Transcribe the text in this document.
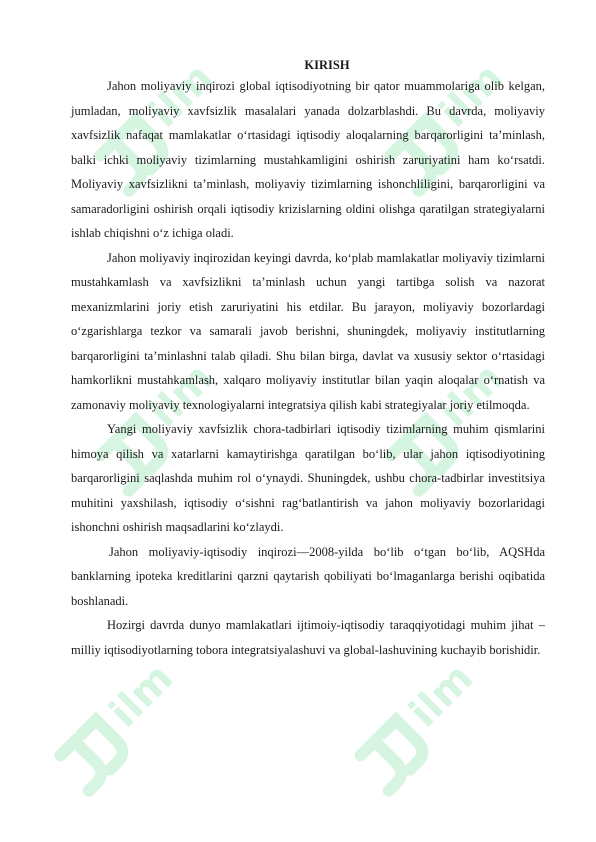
ilm	ilm
ilm	ilm
ilm	ilm
KIRISH

Jahon moliyaviy inqirozi global iqtisodiyotning bir qator muammolariga olib kelgan, jumladan, moliyaviy xavfsizlik masalalari yanada dolzarblashdi. Bu davrda, moliyaviy xavfsizlik nafaqat mamlakatlar o‘rtasidagi iqtisodiy aloqalarning barqarorligini ta’minlash, balki ichki moliyaviy tizimlarning mustahkamligini oshirish zaruriyatini ham ko‘rsatdi. Moliyaviy xavfsizlikni ta’minlash, moliyaviy tizimlarning ishonchliligini, barqarorligini va samaradorligini oshirish orqali iqtisodiy krizislarning oldini olishga qaratilgan strategiyalarni ishlab chiqishni o‘z ichiga oladi.

Jahon moliyaviy inqirozidan keyingi davrda, ko‘plab mamlakatlar moliyaviy tizimlarni mustahkamlash va xavfsizlikni ta’minlash uchun yangi tartibga solish va nazorat mexanizmlarini joriy etish zaruriyatini his etdilar. Bu jarayon, moliyaviy bozorlardagi o‘zgarishlarga tezkor va samarali javob berishni, shuningdek, moliyaviy institutlarning barqarorligini ta’minlashni talab qiladi. Shu bilan birga, davlat va xususiy sektor o‘rtasidagi hamkorlikni mustahkamlash, xalqaro moliyaviy institutlar bilan yaqin aloqalar o‘rnatish va zamonaviy moliyaviy texnologiyalarni integratsiya qilish kabi strategiyalar joriy etilmoqda.

Yangi moliyaviy xavfsizlik chora-tadbirlari iqtisodiy tizimlarning muhim qismlarini himoya qilish va xatarlarni kamaytirishga qaratilgan bo‘lib, ular jahon iqtisodiyotining barqarorligini saqlashda muhim rol o‘ynaydi. Shuningdek, ushbu chora-tadbirlar investitsiya muhitini yaxshilash, iqtisodiy o‘sishni rag‘batlantirish va jahon moliyaviy bozorlaridagi ishonchni oshirish maqsadlarini ko‘zlaydi.

Jahon moliyaviy-iqtisodiy inqirozi—2008-yilda bo‘lib o‘tgan bo‘lib, AQSHda banklarning ipoteka kreditlarini qarzni qaytarish qobiliyati bo‘lmaganlarga berishi oqibatida boshlanadi.

Hozirgi davrda dunyo mamlakatlari ijtimoiy-iqtisodiy taraqqiyotidagi muhim jihat – milliy iqtisodiyotlarning tobora integratsiyalashuvi va global-lashuvining kuchayib borishidir.
